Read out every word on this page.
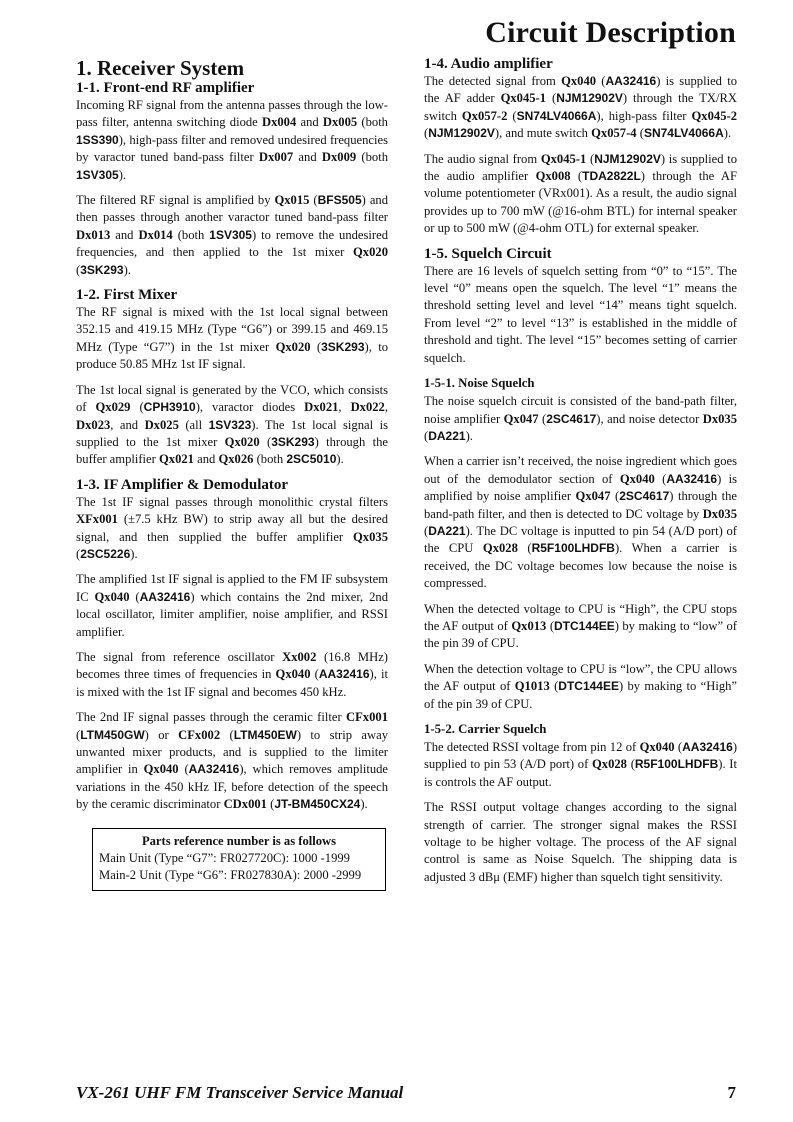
Circuit Description
1. Receiver System
1-1. Front-end RF amplifier

Incoming RF signal from the antenna passes through the low-pass filter, antenna switching diode Dx004 and Dx005 (both 1SS390), high-pass filter and removed undesired frequencies by varactor tuned band-pass filter Dx007 and Dx009 (both 1SV305).

The filtered RF signal is amplified by Qx015 (BFS505) and then passes through another varactor tuned band-pass filter Dx013 and Dx014 (both 1SV305) to remove the undesired frequencies, and then applied to the 1st mixer Qx020 (3SK293).

1-2. First Mixer

The RF signal is mixed with the 1st local signal between 352.15 and 419.15 MHz (Type “G6”) or 399.15 and 469.15 MHz (Type “G7”) in the 1st mixer Qx020 (3SK293), to produce 50.85 MHz 1st IF signal.

The 1st local signal is generated by the VCO, which consists of Qx029 (CPH3910), varactor diodes Dx021, Dx022, Dx023, and Dx025 (all 1SV323). The 1st local signal is supplied to the 1st mixer Qx020 (3SK293) through the buffer amplifier Qx021 and Qx026 (both 2SC5010).

1-3. IF Amplifier & Demodulator

The 1st IF signal passes through monolithic crystal filters XFx001 (±7.5 kHz BW) to strip away all but the desired signal, and then supplied the buffer amplifier Qx035 (2SC5226).

The amplified 1st IF signal is applied to the FM IF subsystem IC Qx040 (AA32416) which contains the 2nd mixer, 2nd local oscillator, limiter amplifier, noise amplifier, and RSSI amplifier.

The signal from reference oscillator Xx002 (16.8 MHz) becomes three times of frequencies in Qx040 (AA32416), it is mixed with the 1st IF signal and becomes 450 kHz.

The 2nd IF signal passes through the ceramic filter CFx001 (LTM450GW) or CFx002 (LTM450EW) to strip away unwanted mixer products, and is supplied to the limiter amplifier in Qx040 (AA32416), which removes amplitude variations in the 450 kHz IF, before detection of the speech by the ceramic discriminator CDx001 (JT-BM450CX24).

Parts reference number is as follows
Main Unit (Type “G7”: FR027720C): 1000 -1999
Main-2 Unit (Type “G6”: FR027830A): 2000 -2999
1-4. Audio amplifier

The detected signal from Qx040 (AA32416) is supplied to the AF adder Qx045-1 (NJM12902V) through the TX/RX switch Qx057-2 (SN74LV4066A), high-pass filter Qx045-2 (NJM12902V), and mute switch Qx057-4 (SN74LV4066A).

The audio signal from Qx045-1 (NJM12902V) is supplied to the audio amplifier Qx008 (TDA2822L) through the AF volume potentiometer (VRx001). As a result, the audio signal provides up to 700 mW (@16-ohm BTL) for internal speaker or up to 500 mW (@4-ohm OTL) for external speaker.

1-5. Squelch Circuit

There are 16 levels of squelch setting from “0” to “15”. The level “0” means open the squelch. The level “1” means the threshold setting level and level “14” means tight squelch. From level “2” to level “13” is established in the middle of threshold and tight. The level “15” becomes setting of carrier squelch.

1-5-1. Noise Squelch

The noise squelch circuit is consisted of the band-path filter, noise amplifier Qx047 (2SC4617), and noise detector Dx035 (DA221).

When a carrier isn’t received, the noise ingredient which goes out of the demodulator section of Qx040 (AA32416) is amplified by noise amplifier Qx047 (2SC4617) through the band-path filter, and then is detected to DC voltage by Dx035 (DA221). The DC voltage is inputted to pin 54 (A/D port) of the CPU Qx028 (R5F100LHDFB). When a carrier is received, the DC voltage becomes low because the noise is compressed.

When the detected voltage to CPU is “High”, the CPU stops the AF output of Qx013 (DTC144EE) by making to “low” of the pin 39 of CPU.

When the detection voltage to CPU is “low”, the CPU allows the AF output of Q1013 (DTC144EE) by making to “High” of the pin 39 of CPU.

1-5-2. Carrier Squelch

The detected RSSI voltage from pin 12 of Qx040 (AA32416) supplied to pin 53 (A/D port) of Qx028 (R5F100LHDFB). It is controls the AF output.

The RSSI output voltage changes according to the signal strength of carrier. The stronger signal makes the RSSI voltage to be higher voltage. The process of the AF signal control is same as Noise Squelch. The shipping data is adjusted 3 dBμ (EMF) higher than squelch tight sensitivity.

VX-261 UHF FM Transceiver Service Manual	7
